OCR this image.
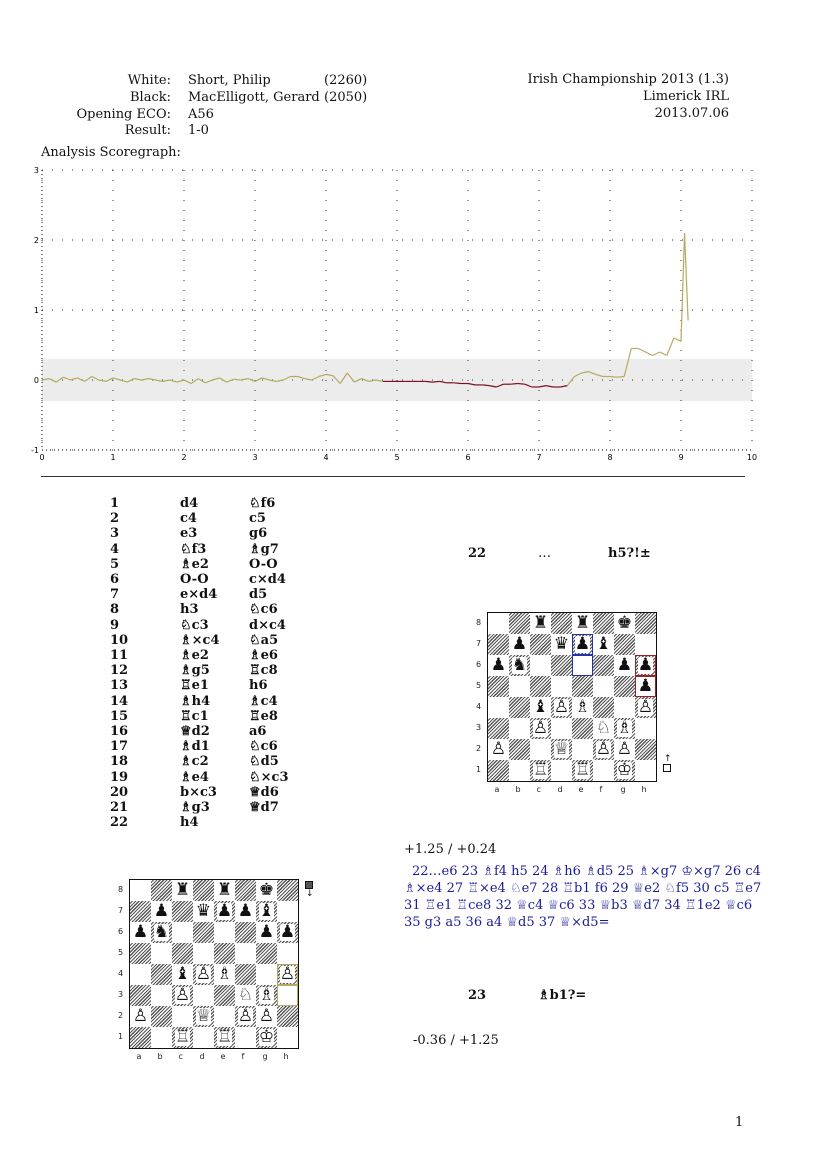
White: Short, Philip	(2260)
Black: MacElligott, Gerard (2050)
Opening ECO: A56
Result: 1-0
Irish Championship 2013 (1.3)
Limerick IRL
2013.07.06
Analysis Scoregraph:
3
2
1
0
-1
0	1	2	3	4	5	6	7	8	9	10
1	d4	♘f6
2	c4	c5
3	e3	g6
4	♘f3	♗g7
5	♗e2	O-O
6	O-O	c×d4
7	e×d4 d5
8	h3	♘c6
9	♘c3	d×c4
10	♗×c4 ♘a5
11	♗e2	♗e6
12	♗g5	♖c8
13	♖e1	h6
14	♗h4	♗c4
15	♖c1	♖e8
16	♕d2	a6
17	♗d1	♘c6
18	♗c2	♘d5
19	♗e4	♘×c3
20	b×c3 ♕d6
21	♗g3	♕d7
22	h4
22	…	h5?!±
♜ ♜ ♚
♟ ♛ ♟ ♝
♟ ♞	♟ ♟
♟
♝ ♙ ♗	♙
♙	♘ ♗
♙	♕ ♙ ♙
♖ ♖ ♔
8
7
6
5
4
3
2
1
a b c d e f g h
↑
♜ ♜ ♚
♟ ♛ ♟ ♟ ♝
♟ ♞	♟ ♟
♝ ♙ ♗	♙
♙	♘ ♗
♙	♕ ♙ ♙
♖ ♖ ♔
8
7
6
5
4
3
2
1
a b c d e f g h
↓
+1.25 / +0.24
22…e6 23 ♗f4 h5 24 ♗h6 ♗d5 25 ♗×g7 ♔×g7 26 c4
♗×e4 27 ♖×e4 ♘e7 28 ♖b1 f6 29 ♕e2 ♘f5 30 c5 ♖e7
31 ♖e1 ♖ce8 32 ♕c4 ♕c6 33 ♕b3 ♕d7 34 ♖1e2 ♕c6
35 g3 a5 36 a4 ♕d5 37 ♕×d5=
23	♗b1?=
-0.36 / +1.25
1
